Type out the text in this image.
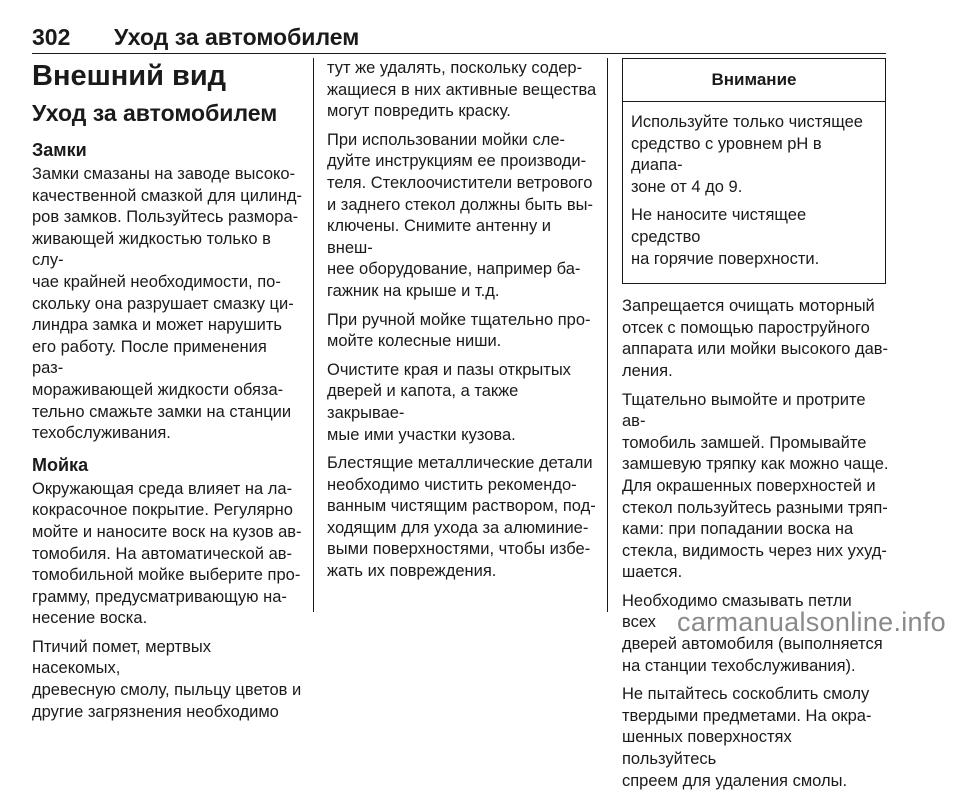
302 Уход за автомобилем
Внешний вид
Уход за автомобилем
Замки

Замки смазаны на заводе высоко-
качественной смазкой для цилинд-
ров замков. Пользуйтесь размора-
живающей жидкостью только в слу-
чае крайней необходимости, по-
скольку она разрушает смазку ци-
линдра замка и может нарушить
его работу. После применения раз-
мораживающей жидкости обяза-
тельно смажьте замки на станции
техобслуживания.

Мойка

Окружающая среда влияет на ла-
кокрасочное покрытие. Регулярно
мойте и наносите воск на кузов ав-
томобиля. На автоматической ав-
томобильной мойке выберите про-
грамму, предусматривающую на-
несение воска.

Птичий помет, мертвых насекомых,
древесную смолу, пыльцу цветов и
другие загрязнения необходимо

тут же удалять, поскольку содер-
жащиеся в них активные вещества
могут повредить краску.

При использовании мойки сле-
дуйте инструкциям ее производи-
теля. Стеклоочистители ветрового
и заднего стекол должны быть вы-
ключены. Снимите антенну и внеш-
нее оборудование, например ба-
гажник на крыше и т.д.

При ручной мойке тщательно про-
мойте колесные ниши.

Очистите края и пазы открытых
дверей и капота, а также закрывае-
мые ими участки кузова.

Блестящие металлические детали
необходимо чистить рекомендо-
ванным чистящим раствором, под-
ходящим для ухода за алюминие-
выми поверхностями, чтобы избе-
жать их повреждения.

Внимание

Используйте только чистящее
средство с уровнем pH в диапа-
зоне от 4 до 9.

Не наносите чистящее средство
на горячие поверхности.

Запрещается очищать моторный
отсек с помощью пароструйного
аппарата или мойки высокого дав-
ления.

Тщательно вымойте и протрите ав-
томобиль замшей. Промывайте
замшевую тряпку как можно чаще.
Для окрашенных поверхностей и
стекол пользуйтесь разными тряп-
ками: при попадании воска на
стекла, видимость через них ухуд-
шается.

Необходимо смазывать петли всех
дверей автомобиля (выполняется
на станции техобслуживания).

Не пытайтесь соскоблить смолу
твердыми предметами. На окра-
шенных поверхностях пользуйтесь
спреем для удаления смолы.

carmanualsonline.info
